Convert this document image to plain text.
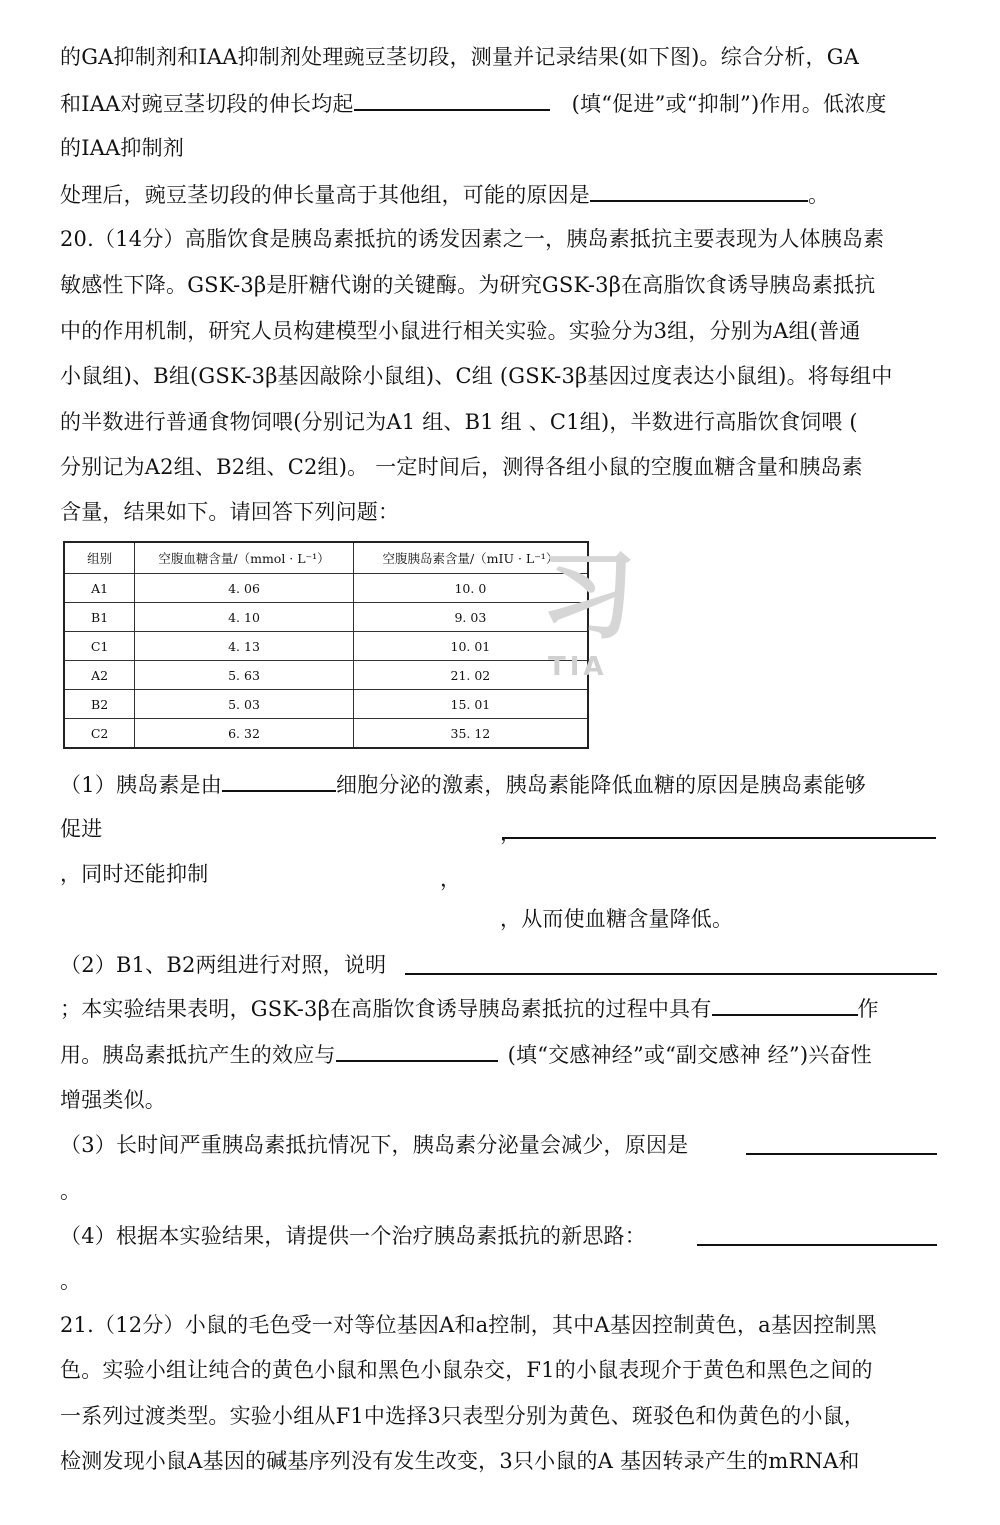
的GA抑制剂和IAA抑制剂处理豌豆茎切段，测量并记录结果(如下图)。综合分析，GA
和IAA对豌豆茎切段的伸长均起	(填“促进”或“抑制”)作用。低浓度
的IAA抑制剂
处理后，豌豆茎切段的伸长量高于其他组，可能的原因是	。
20.（14分）高脂饮食是胰岛素抵抗的诱发因素之一，胰岛素抵抗主要表现为人体胰岛素
敏感性下降。GSK-3β是肝糖代谢的关键酶。为研究GSK-3β在高脂饮食诱导胰岛素抵抗
中的作用机制，研究人员构建模型小鼠进行相关实验。实验分为3组，分别为A组(普通
小鼠组)、B组(GSK-3β基因敲除小鼠组)、C组 (GSK-3β基因过度表达小鼠组)。将每组中
的半数进行普通食物饲喂(分别记为A1 组、B1 组 、C1组)，半数进行高脂饮食饲喂 (
分别记为A2组、B2组、C2组)。 一定时间后，测得各组小鼠的空腹血糖含量和胰岛素
含量，结果如下。请回答下列问题：
组别	空腹血糖含量/（mmol · L⁻¹）	空腹胰岛素含量/（mIU · L⁻¹）
A1	4. 06	10. 0
B1	4. 10	9. 03
C1	4. 13	10. 01
A2	5. 63	21. 02
B2	5. 03	15. 01
C2	6. 32	35. 12
习
TIA
（1）胰岛素是由	细胞分泌的激素，胰岛素能降低血糖的原因是胰岛素能够
促进	，
，同时还能抑制	，
，从而使血糖含量降低。
（2）B1、B2两组进行对照，说明
；本实验结果表明，GSK-3β在高脂饮食诱导胰岛素抵抗的过程中具有	作
用。胰岛素抵抗产生的效应与	(填“交感神经”或“副交感神 经”)兴奋性
增强类似。
（3）长时间严重胰岛素抵抗情况下，胰岛素分泌量会减少，原因是
。
（4）根据本实验结果，请提供一个治疗胰岛素抵抗的新思路：
。
21.（12分）小鼠的毛色受一对等位基因A和a控制，其中A基因控制黄色，a基因控制黑
色。实验小组让纯合的黄色小鼠和黑色小鼠杂交，F1的小鼠表现介于黄色和黑色之间的
一系列过渡类型。实验小组从F1中选择3只表型分别为黄色、斑驳色和伪黄色的小鼠，
检测发现小鼠A基因的碱基序列没有发生改变，3只小鼠的A 基因转录产生的mRNA和
